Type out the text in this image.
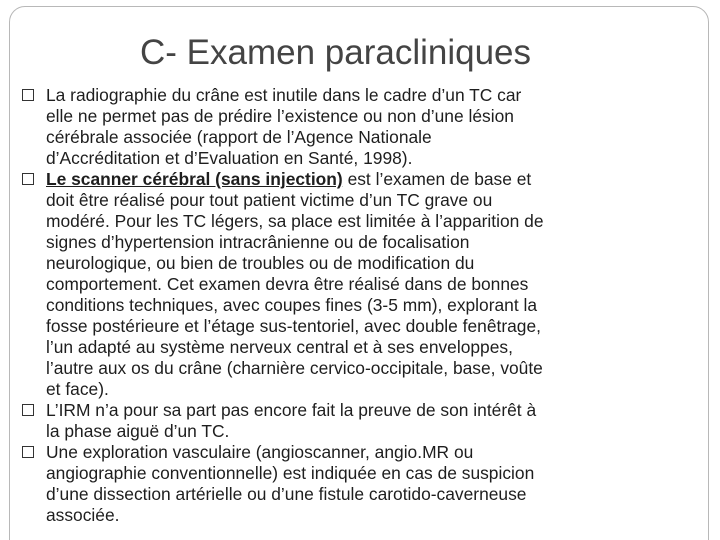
C- Examen paracliniques
La radiographie du crâne est inutile dans le cadre d’un TC car
elle ne permet pas de prédire l’existence ou non d’une lésion
cérébrale associée (rapport de l’Agence Nationale
d’Accréditation et d’Evaluation en Santé, 1998).
Le scanner cérébral (sans injection) est l’examen de base et
doit être réalisé pour tout patient victime d’un TC grave ou
modéré. Pour les TC légers, sa place est limitée à l’apparition de
signes d’hypertension intracrânienne ou de focalisation
neurologique, ou bien de troubles ou de modification du
comportement. Cet examen devra être réalisé dans de bonnes
conditions techniques, avec coupes fines (3-5 mm), explorant la
fosse postérieure et l’étage sus-tentoriel, avec double fenêtrage,
l’un adapté au système nerveux central et à ses enveloppes,
l’autre aux os du crâne (charnière cervico-occipitale, base, voûte
et face).
L’IRM n’a pour sa part pas encore fait la preuve de son intérêt à
la phase aiguë d’un TC.
Une exploration vasculaire (angioscanner, angio.MR ou
angiographie conventionnelle) est indiquée en cas de suspicion
d’une dissection artérielle ou d’une fistule carotido-caverneuse
associée.
